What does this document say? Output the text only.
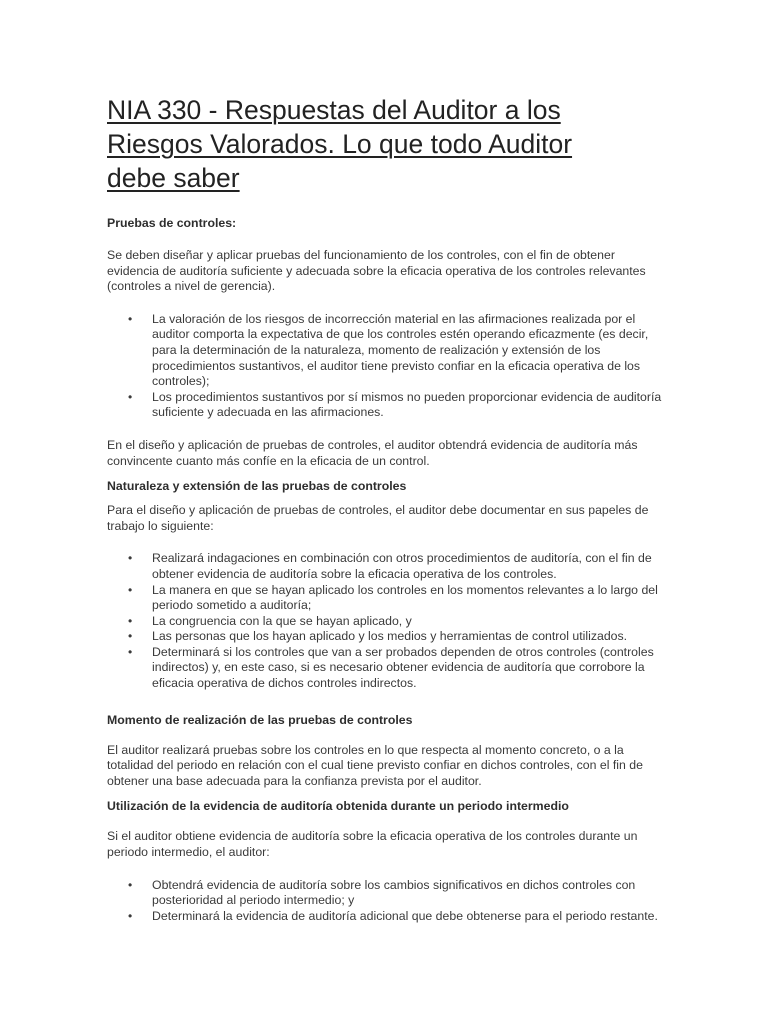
NIA 330 - Respuestas del Auditor a los Riesgos Valorados. Lo que todo Auditor debe saber

Pruebas de controles:

Se deben diseñar y aplicar pruebas del funcionamiento de los controles, con el fin de obtener evidencia de auditoría suficiente y adecuada sobre la eficacia operativa de los controles relevantes (controles a nivel de gerencia).

• La valoración de los riesgos de incorrección material en las afirmaciones realizada por el auditor comporta la expectativa de que los controles estén operando eficazmente (es decir, para la determinación de la naturaleza, momento de realización y extensión de los procedimientos sustantivos, el auditor tiene previsto confiar en la eficacia operativa de los controles);
• Los procedimientos sustantivos por sí mismos no pueden proporcionar evidencia de auditoría suficiente y adecuada en las afirmaciones.

En el diseño y aplicación de pruebas de controles, el auditor obtendrá evidencia de auditoría más convincente cuanto más confíe en la eficacia de un control.

Naturaleza y extensión de las pruebas de controles

Para el diseño y aplicación de pruebas de controles, el auditor debe documentar en sus papeles de trabajo lo siguiente:

• Realizará indagaciones en combinación con otros procedimientos de auditoría, con el fin de obtener evidencia de auditoría sobre la eficacia operativa de los controles.
• La manera en que se hayan aplicado los controles en los momentos relevantes a lo largo del periodo sometido a auditoría;
• La congruencia con la que se hayan aplicado, y
• Las personas que los hayan aplicado y los medios y herramientas de control utilizados.
• Determinará si los controles que van a ser probados dependen de otros controles (controles indirectos) y, en este caso, si es necesario obtener evidencia de auditoría que corrobore la eficacia operativa de dichos controles indirectos.

Momento de realización de las pruebas de controles

El auditor realizará pruebas sobre los controles en lo que respecta al momento concreto, o a la totalidad del periodo en relación con el cual tiene previsto confiar en dichos controles, con el fin de obtener una base adecuada para la confianza prevista por el auditor.

Utilización de la evidencia de auditoría obtenida durante un periodo intermedio

Si el auditor obtiene evidencia de auditoría sobre la eficacia operativa de los controles durante un periodo intermedio, el auditor:

• Obtendrá evidencia de auditoría sobre los cambios significativos en dichos controles con posterioridad al periodo intermedio; y
• Determinará la evidencia de auditoría adicional que debe obtenerse para el periodo restante.
